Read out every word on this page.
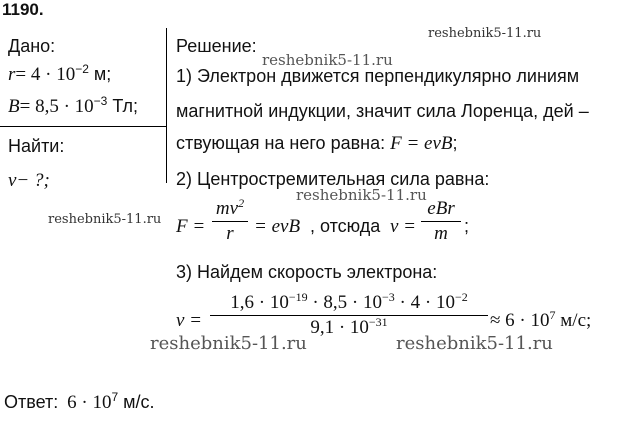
1190.
Дано:
$r= 4 \cdot 10^{-2}$ м;
$B= 8,5 \cdot 10^{-3}$ Тл;
Найти:
v− ?;
Решение:
1) Электрон движется перпендикулярно линиям
магнитной индукции, значит сила Лоренца, дей –
ствующая на него равна: F = evB;
2) Центростремительная сила равна:
F =
$mv^2$
r = evB , отсюда v =
eBr
m ;
3) Найдем скорость электрона:
v =
$1,6 \cdot 10^{-19} \cdot 8,5 \cdot 10^{-3} \cdot 4 \cdot 10^{-2}$
$9,1 \cdot 10^{-31}$	≈ $6 \cdot 10^7$ м/с;
Ответ: $6 \cdot 10^7$ м/с.
reshebnik5-11.ru
reshebnik5-11.ru
reshebnik5-11.ru
reshebnik5-11.ru
reshebnik5-11.ru	reshebnik5-11.ru
